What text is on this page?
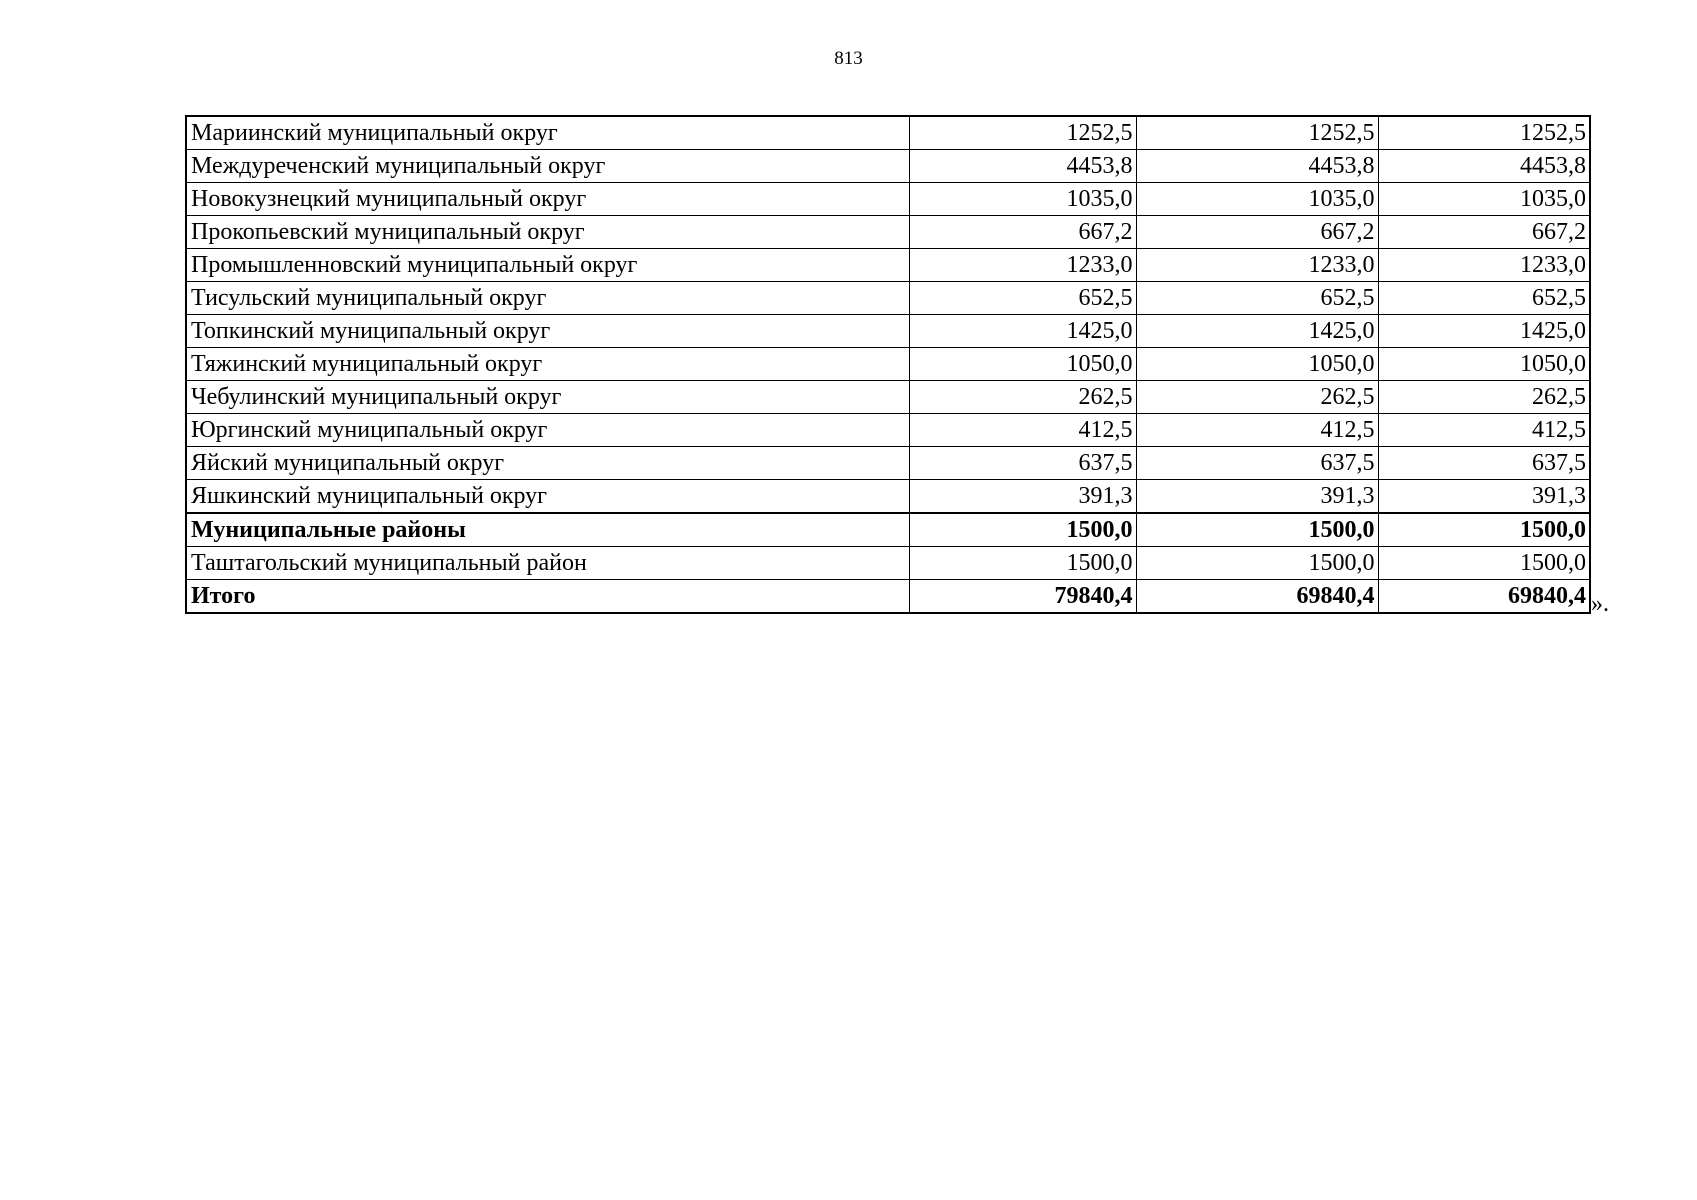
813
Мариинский муниципальный округ	1252,5	1252,5	1252,5
Междуреченский муниципальный округ	4453,8	4453,8	4453,8
Новокузнецкий муниципальный округ	1035,0	1035,0	1035,0
Прокопьевский муниципальный округ	667,2	667,2	667,2
Промышленновский муниципальный округ	1233,0	1233,0	1233,0
Тисульский муниципальный округ	652,5	652,5	652,5
Топкинский муниципальный округ	1425,0	1425,0	1425,0
Тяжинский муниципальный округ	1050,0	1050,0	1050,0
Чебулинский муниципальный округ	262,5	262,5	262,5
Юргинский муниципальный округ	412,5	412,5	412,5
Яйский муниципальный округ	637,5	637,5	637,5
Яшкинский муниципальный округ	391,3	391,3	391,3
Муниципальные районы	1500,0	1500,0	1500,0
Таштагольский муниципальный район	1500,0	1500,0	1500,0
Итого	79840,4	69840,4	69840,4 ».
